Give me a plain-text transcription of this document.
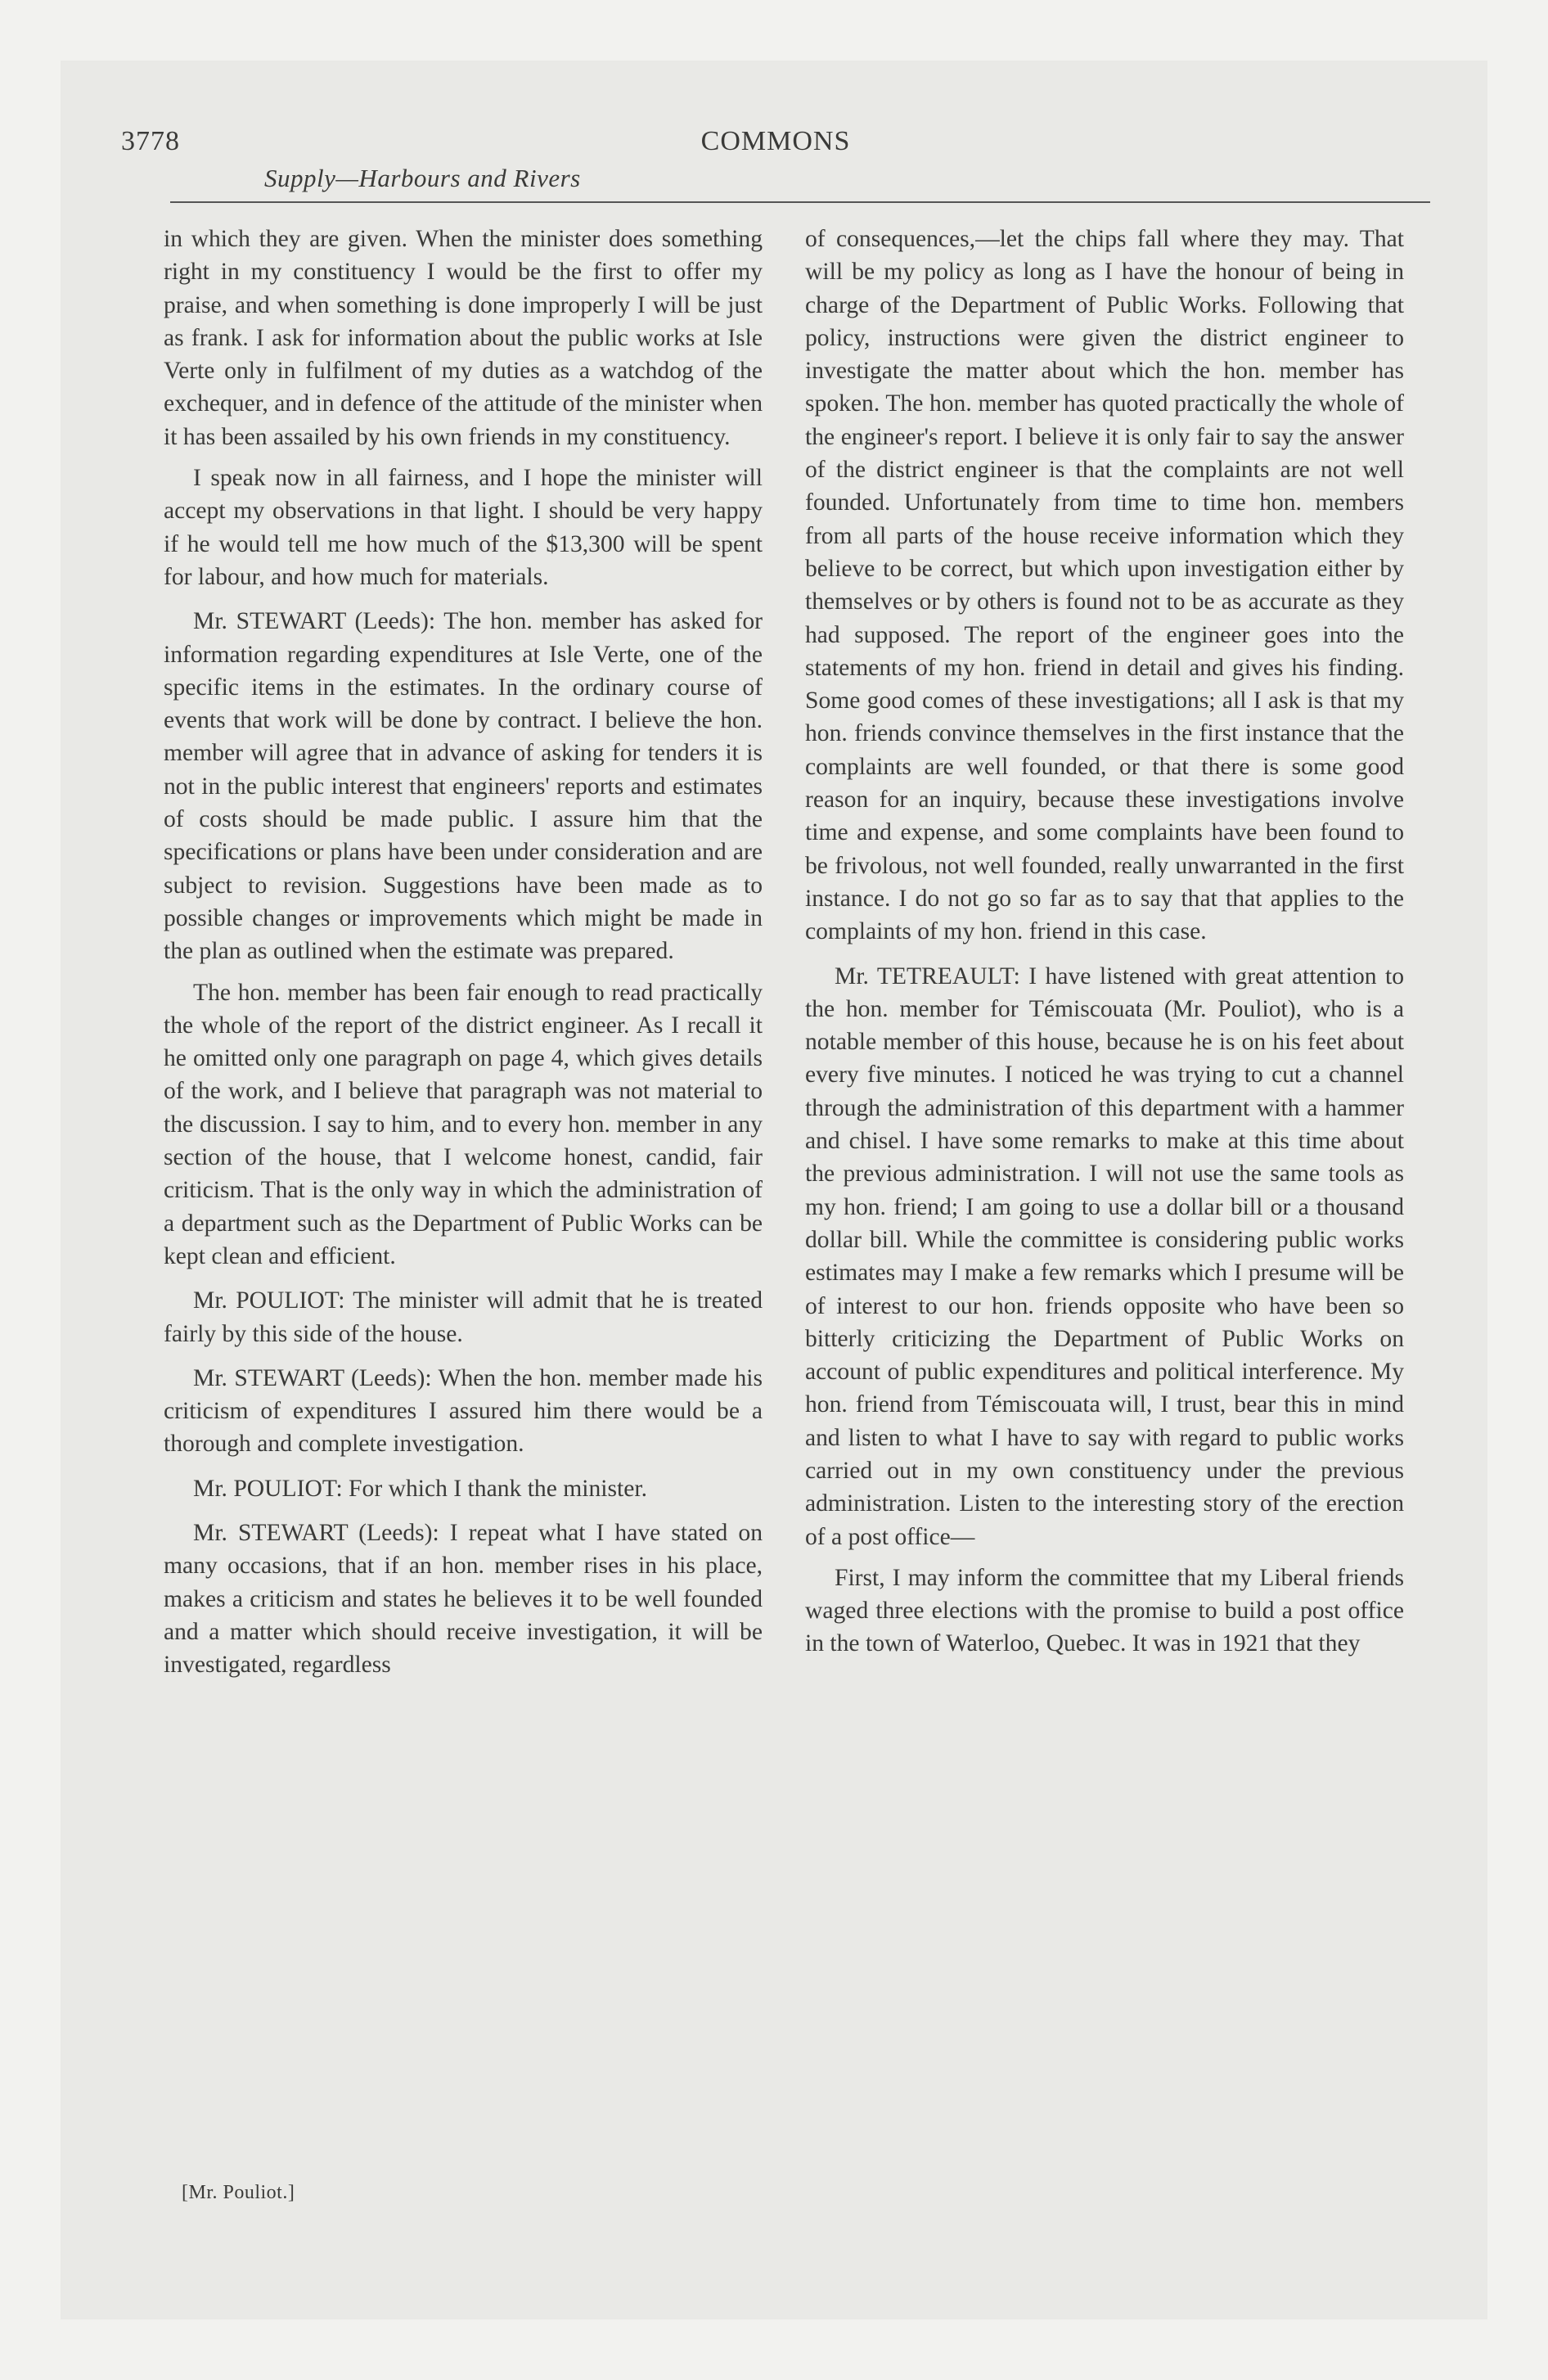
3778	COMMONS
Supply—Harbours and Rivers

in which they are given. When the minister does something right in my constituency I would be the first to offer my praise, and when something is done improperly I will be just as frank. I ask for information about the public works at Isle Verte only in fulfilment of my duties as a watchdog of the exchequer, and in defence of the attitude of the minister when it has been assailed by his own friends in my constituency.

I speak now in all fairness, and I hope the minister will accept my observations in that light. I should be very happy if he would tell me how much of the $13,300 will be spent for labour, and how much for materials.

Mr. STEWART (Leeds): The hon. member has asked for information regarding expenditures at Isle Verte, one of the specific items in the estimates. In the ordinary course of events that work will be done by contract. I believe the hon. member will agree that in advance of asking for tenders it is not in the public interest that engineers' reports and estimates of costs should be made public. I assure him that the specifications or plans have been under consideration and are subject to revision. Suggestions have been made as to possible changes or improvements which might be made in the plan as outlined when the estimate was prepared.

The hon. member has been fair enough to read practically the whole of the report of the district engineer. As I recall it he omitted only one paragraph on page 4, which gives details of the work, and I believe that paragraph was not material to the discussion. I say to him, and to every hon. member in any section of the house, that I welcome honest, candid, fair criticism. That is the only way in which the administration of a department such as the Department of Public Works can be kept clean and efficient.

Mr. POULIOT: The minister will admit that he is treated fairly by this side of the house.

Mr. STEWART (Leeds): When the hon. member made his criticism of expenditures I assured him there would be a thorough and complete investigation.

Mr. POULIOT: For which I thank the minister.

Mr. STEWART (Leeds): I repeat what I have stated on many occasions, that if an hon. member rises in his place, makes a criticism and states he believes it to be well founded and a matter which should receive investigation, it will be investigated, regardless

of consequences,—let the chips fall where they may. That will be my policy as long as I have the honour of being in charge of the Department of Public Works. Following that policy, instructions were given the district engineer to investigate the matter about which the hon. member has spoken. The hon. member has quoted practically the whole of the engineer's report. I believe it is only fair to say the answer of the district engineer is that the complaints are not well founded. Unfortunately from time to time hon. members from all parts of the house receive information which they believe to be correct, but which upon investigation either by themselves or by others is found not to be as accurate as they had supposed. The report of the engineer goes into the statements of my hon. friend in detail and gives his finding. Some good comes of these investigations; all I ask is that my hon. friends convince themselves in the first instance that the complaints are well founded, or that there is some good reason for an inquiry, because these investigations involve time and expense, and some complaints have been found to be frivolous, not well founded, really unwarranted in the first instance. I do not go so far as to say that that applies to the complaints of my hon. friend in this case.

Mr. TETREAULT: I have listened with great attention to the hon. member for Témiscouata (Mr. Pouliot), who is a notable member of this house, because he is on his feet about every five minutes. I noticed he was trying to cut a channel through the administration of this department with a hammer and chisel. I have some remarks to make at this time about the previous administration. I will not use the same tools as my hon. friend; I am going to use a dollar bill or a thousand dollar bill. While the committee is considering public works estimates may I make a few remarks which I presume will be of interest to our hon. friends opposite who have been so bitterly criticizing the Department of Public Works on account of public expenditures and political interference. My hon. friend from Témiscouata will, I trust, bear this in mind and listen to what I have to say with regard to public works carried out in my own constituency under the previous administration. Listen to the interesting story of the erection of a post office—

First, I may inform the committee that my Liberal friends waged three elections with the promise to build a post office in the town of Waterloo, Quebec. It was in 1921 that they

[Mr. Pouliot.]
